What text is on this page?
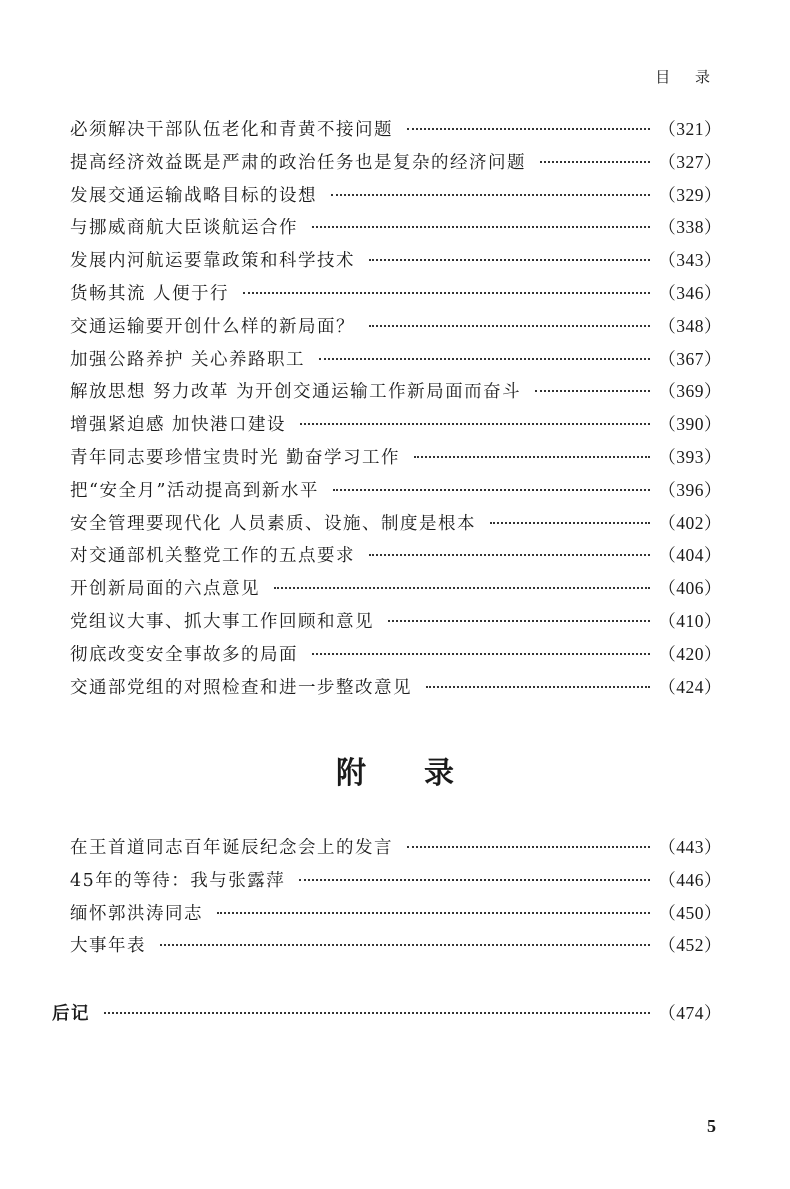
目 录
必须解决干部队伍老化和青黄不接问题	（321）
提高经济效益既是严肃的政治任务也是复杂的经济问题	（327）
发展交通运输战略目标的设想	（329）
与挪威商航大臣谈航运合作	（338）
发展内河航运要靠政策和科学技术	（343）
货畅其流 人便于行	（346）
交通运输要开创什么样的新局面？	（348）
加强公路养护 关心养路职工	（367）
解放思想 努力改革 为开创交通运输工作新局面而奋斗	（369）
增强紧迫感 加快港口建设	（390）
青年同志要珍惜宝贵时光 勤奋学习工作	（393）
把“安全月”活动提高到新水平	（396）
安全管理要现代化 人员素质、设施、制度是根本	（402）
对交通部机关整党工作的五点要求	（404）
开创新局面的六点意见	（406）
党组议大事、抓大事工作回顾和意见	（410）
彻底改变安全事故多的局面	（420）
交通部党组的对照检查和进一步整改意见	（424）
附录
在王首道同志百年诞辰纪念会上的发言	（443）
45年的等待：我与张露萍	（446）
缅怀郭洪涛同志	（450）
大事年表	（452）
后记	（474）
5
